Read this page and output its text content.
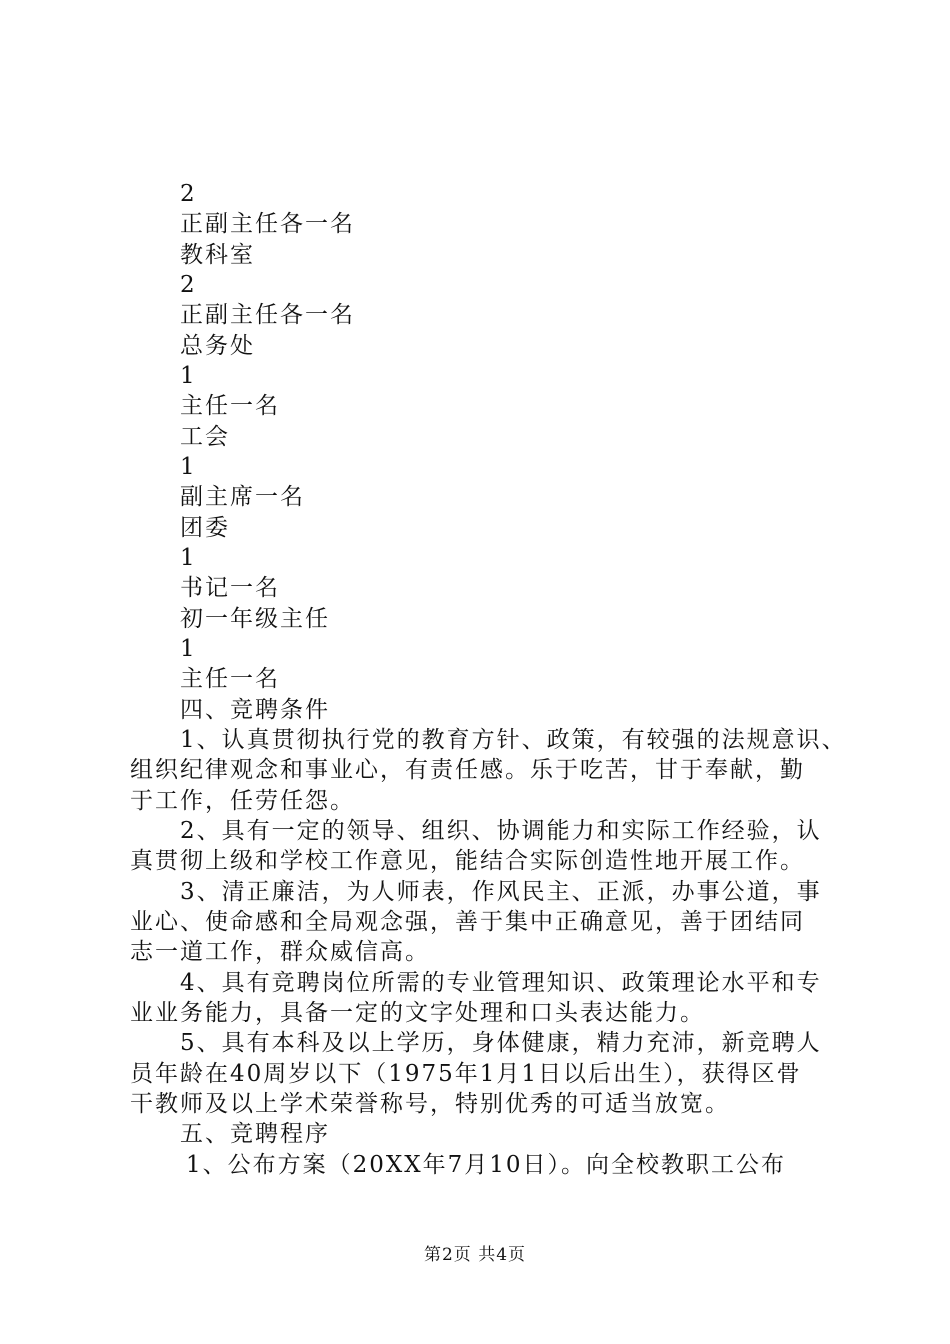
2
正副主任各一名
教科室
2
正副主任各一名
总务处
1
主任一名
工会
1
副主席一名
团委
1
书记一名
初一年级主任
1
主任一名
四、竞聘条件
1、认真贯彻执行党的教育方针、政策，有较强的法规意识、
组织纪律观念和事业心，有责任感。乐于吃苦，甘于奉献，勤
于工作，任劳任怨。
2、具有一定的领导、组织、协调能力和实际工作经验，认
真贯彻上级和学校工作意见，能结合实际创造性地开展工作。
3、清正廉洁，为人师表，作风民主、正派，办事公道，事
业心、使命感和全局观念强，善于集中正确意见，善于团结同
志一道工作，群众威信高。
4、具有竞聘岗位所需的专业管理知识、政策理论水平和专
业业务能力，具备一定的文字处理和口头表达能力。
5、具有本科及以上学历，身体健康，精力充沛，新竞聘人
员年龄在40周岁以下（1975年1月1日以后出生），获得区骨
干教师及以上学术荣誉称号，特别优秀的可适当放宽。
五、竞聘程序
1、公布方案（20XX年7月10日）。向全校教职工公布
第2页 共4页
